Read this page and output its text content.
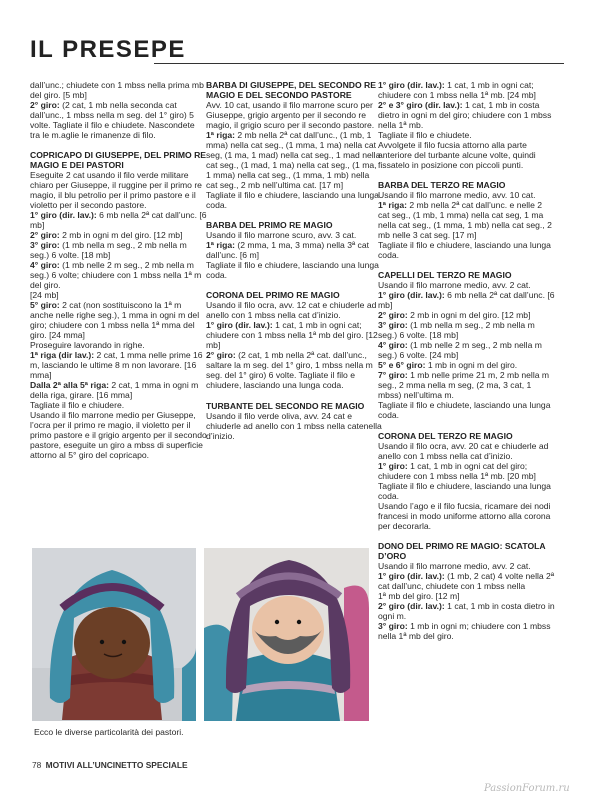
IL PRESEPE

dall’unc.; chiudete con 1 mbss nella prima mb del giro. [5 mb]

2° giro: (2 cat, 1 mb nella seconda cat dall’unc., 1 mbss nella m seg. del 1° giro) 5 volte. Tagliate il filo e chiudete. Nascondete tra le m.aglie le rimanenze di filo.

COPRICAPO DI GIUSEPPE, DEL PRIMO RE MAGIO E DEI PASTORI

Eseguite 2 cat usando il filo verde militare chiaro per Giuseppe, il ruggine per il primo re magio, il blu petrolio per il primo pastore e il violetto per il secondo pastore.

1° giro (dir. lav.): 6 mb nella 2ª cat dall’unc. [6 mb]

2° giro: 2 mb in ogni m del giro. [12 mb]

3° giro: (1 mb nella m seg., 2 mb nella m seg.) 6 volte. [18 mb]

4° giro: (1 mb nelle 2 m seg., 2 mb nella m seg.) 6 volte; chiudere con 1 mbss nella 1ª m del giro.

[24 mb]

5° giro: 2 cat (non sostituiscono la 1ª m anche nelle righe seg.), 1 mma in ogni m del giro; chiudere con 1 mbss nella 1ª mma del giro. [24 mma]

Proseguire lavorando in righe.

1ª riga (dir lav.): 2 cat, 1 mma nelle prime 16 m, lasciando le ultime 8 m non lavorare. [16 mma]

Dalla 2ª alla 5ª riga: 2 cat, 1 mma in ogni m della riga, girare. [16 mma]

Tagliate il filo e chiudere.

Usando il filo marrone medio per Giuseppe, l’ocra per il primo re magio, il violetto per il primo pastore e il grigio argento per il secondo pastore, eseguite un giro a mbss di superficie attorno al 5° giro del copricapo.

BARBA DI GIUSEPPE, DEL SECONDO RE MAGIO E DEL SECONDO PASTORE

Avv. 10 cat, usando il filo marrone scuro per Giuseppe, grigio argento per il secondo re magio, il grigio scuro per il secondo pastore.

1ª riga: 2 mb nella 2ª cat dall’unc., (1 mb, 1 mma) nella cat seg., (1 mma, 1 ma) nella cat seg, (1 ma, 1 mad) nella cat seg., 1 mad nella cat seg., (1 mad, 1 ma) nella cat seg., (1 ma, 1 mma) nella cat seg., (1 mma, 1 mb) nella cat seg., 2 mb nell’ultima cat. [17 m]

Tagliate il filo e chiudere, lasciando una lunga coda.

BARBA DEL PRIMO RE MAGIO

Usando il filo marrone scuro, avv. 3 cat.

1ª riga: (2 mma, 1 ma, 3 mma) nella 3ª cat dall’unc. [6 m]

Tagliate il filo e chiudere, lasciando una lunga coda.

CORONA DEL PRIMO RE MAGIO

Usando il filo ocra, avv. 12 cat e chiuderle ad anello con 1 mbss nella cat d’inizio.

1° giro (dir. lav.): 1 cat, 1 mb in ogni cat; chiudere con 1 mbss nella 1ª mb del giro. [12 mb]

2° giro: (2 cat, 1 mb nella 2ª cat. dall’unc., saltare la m seg. del 1° giro, 1 mbss nella m seg. del 1° giro) 6 volte. Tagliate il filo e chiudere, lasciando una lunga coda.

TURBANTE DEL SECONDO RE MAGIO

Usando il filo verde oliva, avv. 24 cat e chiuderle ad anello con 1 mbss nella catenella d’inizio.

1° giro (dir. lav.): 1 cat, 1 mb in ogni cat; chiudere con 1 mbss nella 1ª mb. [24 mb]

2° e 3° giro (dir. lav.): 1 cat, 1 mb in costa dietro in ogni m del giro; chiudere con 1 mbss nella 1ª mb.

Tagliate il filo e chiudete.

Avvolgete il filo fucsia attorno alla parte anteriore del turbante alcune volte, quindi fissatelo in posizione con piccoli punti.

BARBA DEL TERZO RE MAGIO

Usando il filo marrone medio, avv. 10 cat.

1ª riga: 2 mb nella 2ª cat dall’unc. e nelle 2 cat seg., (1 mb, 1 mma) nella cat seg, 1 ma nella cat seg., (1 mma, 1 mb) nella cat seg., 2 mb nelle 3 cat seg. [17 m]

Tagliate il filo e chiudere, lasciando una lunga coda.

CAPELLI DEL TERZO RE MAGIO

Usando il filo marrone medio, avv. 2 cat.

1° giro (dir. lav.): 6 mb nella 2ª cat dall’unc. [6 mb]

2° giro: 2 mb in ogni m del giro. [12 mb]

3° giro: (1 mb nella m seg., 2 mb nella m seg.) 6 volte. [18 mb]

4° giro: (1 mb nelle 2 m seg., 2 mb nella m seg.) 6 volte. [24 mb]

5° e 6° giro: 1 mb in ogni m del giro.

7° giro: 1 mb nelle prime 21 m, 2 mb nella m seg., 2 mma nella m seg, (2 ma, 3 cat, 1 mbss) nell’ultima m.

Tagliate il filo e chiudete, lasciando una lunga coda.

CORONA DEL TERZO RE MAGIO

Usando il filo ocra, avv. 20 cat e chiuderle ad anello con 1 mbss nella cat d’inizio.

1° giro: 1 cat, 1 mb in ogni cat del giro; chiudere con 1 mbss nella 1ª mb. [20 mb]

Tagliate il filo e chiudere, lasciando una lunga coda.

Usando l’ago e il filo fucsia, ricamare dei nodi francesi in modo uniforme attorno alla corona per decorarla.

DONO DEL PRIMO RE MAGIO: SCATOLA D’ORO

Usando il filo marrone medio, avv. 2 cat.

1° giro (dir. lav.): (1 mb, 2 cat) 4 volte nella 2ª cat dall’unc, chiudete con 1 mbss nella

1ª mb del giro. [12 m]

2° giro (dir. lav.): 1 cat, 1 mb in costa dietro in ogni m.

3° giro: 1 mb in ogni m; chiudere con 1 mbss nella 1ª mb del giro.

Ecco le diverse particolarità dei pastori.
78 MOTIVI ALL’UNCINETTO SPECIALE
PassionForum.ru
